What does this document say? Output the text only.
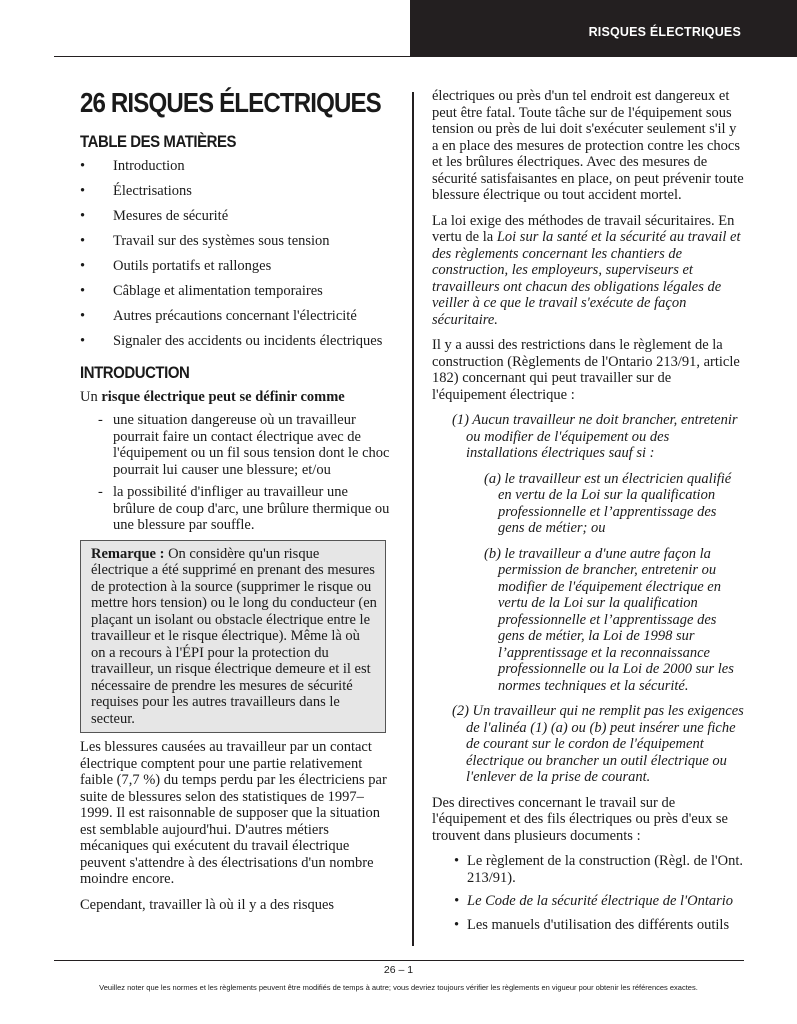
RISQUES ÉLECTRIQUES
26 RISQUES ÉLECTRIQUES
TABLE DES MATIÈRES
• Introduction
• Électrisations
• Mesures de sécurité
• Travail sur des systèmes sous tension
• Outils portatifs et rallonges
• Câblage et alimentation temporaires
• Autres précautions concernant l'électricité
• Signaler des accidents ou incidents électriques
INTRODUCTION

Un risque électrique peut se définir comme

- une situation dangereuse où un travailleur pourrait faire un contact électrique avec de l'équipement ou un fil sous tension dont le choc pourrait lui causer une blessure; et/ou
- la possibilité d'infliger au travailleur une brûlure de coup d'arc, une brûlure thermique ou une blessure par souffle.
Remarque : On considère qu'un risque électrique a été supprimé en prenant des mesures de protection à la source (supprimer le risque ou mettre hors tension) ou le long du conducteur (en plaçant un isolant ou obstacle électrique entre le travailleur et le risque électrique). Même là où on a recours à l'ÉPI pour la protection du travailleur, un risque électrique demeure et il est nécessaire de prendre les mesures de sécurité requises pour les autres travailleurs dans le secteur.

Les blessures causées au travailleur par un contact électrique comptent pour une partie relativement faible (7,7 %) du temps perdu par les électriciens par suite de blessures selon des statistiques de 1997–1999. Il est raisonnable de supposer que la situation est semblable aujourd'hui. D'autres métiers mécaniques qui exécutent du travail électrique peuvent s'attendre à des électrisations d'un nombre moindre encore.

Cependant, travailler là où il y a des risques

électriques ou près d'un tel endroit est dangereux et peut être fatal. Toute tâche sur de l'équipement sous tension ou près de lui doit s'exécuter seulement s'il y a en place des mesures de protection contre les chocs et les brûlures électriques. Avec des mesures de sécurité satisfaisantes en place, on peut prévenir toute blessure électrique ou tout accident mortel.

La loi exige des méthodes de travail sécuritaires. En vertu de la Loi sur la santé et la sécurité au travail et des règlements concernant les chantiers de construction, les employeurs, superviseurs et travailleurs ont chacun des obligations légales de veiller à ce que le travail s'exécute de façon sécuritaire.

Il y a aussi des restrictions dans le règlement de la construction (Règlements de l'Ontario 213/91, article 182) concernant qui peut travailler sur de l'équipement électrique :

(1) Aucun travailleur ne doit brancher, entretenir ou modifier de l'équipement ou des installations électriques sauf si :

(a) le travailleur est un électricien qualifié en vertu de la Loi sur la qualification professionnelle et l’apprentissage des gens de métier; ou

(b) le travailleur a d'une autre façon la permission de brancher, entretenir ou modifier de l'équipement électrique en vertu de la Loi sur la qualification professionnelle et l’apprentissage des gens de métier, la Loi de 1998 sur l’apprentissage et la reconnaissance professionnelle ou la Loi de 2000 sur les normes techniques et la sécurité.

(2) Un travailleur qui ne remplit pas les exigences de l'alinéa (1) (a) ou (b) peut insérer une fiche de courant sur le cordon de l'équipement électrique ou brancher un outil électrique ou l'enlever de la prise de courant.

Des directives concernant le travail sur de l'équipement et des fils électriques ou près d'eux se trouvent dans plusieurs documents :

• Le règlement de la construction (Règl. de l'Ont. 213/91).
• Le Code de la sécurité électrique de l'Ontario
• Les manuels d'utilisation des différents outils
26 – 1
Veuillez noter que les normes et les règlements peuvent être modifiés de temps à autre; vous devriez toujours vérifier les règlements en vigueur pour obtenir les références exactes.
